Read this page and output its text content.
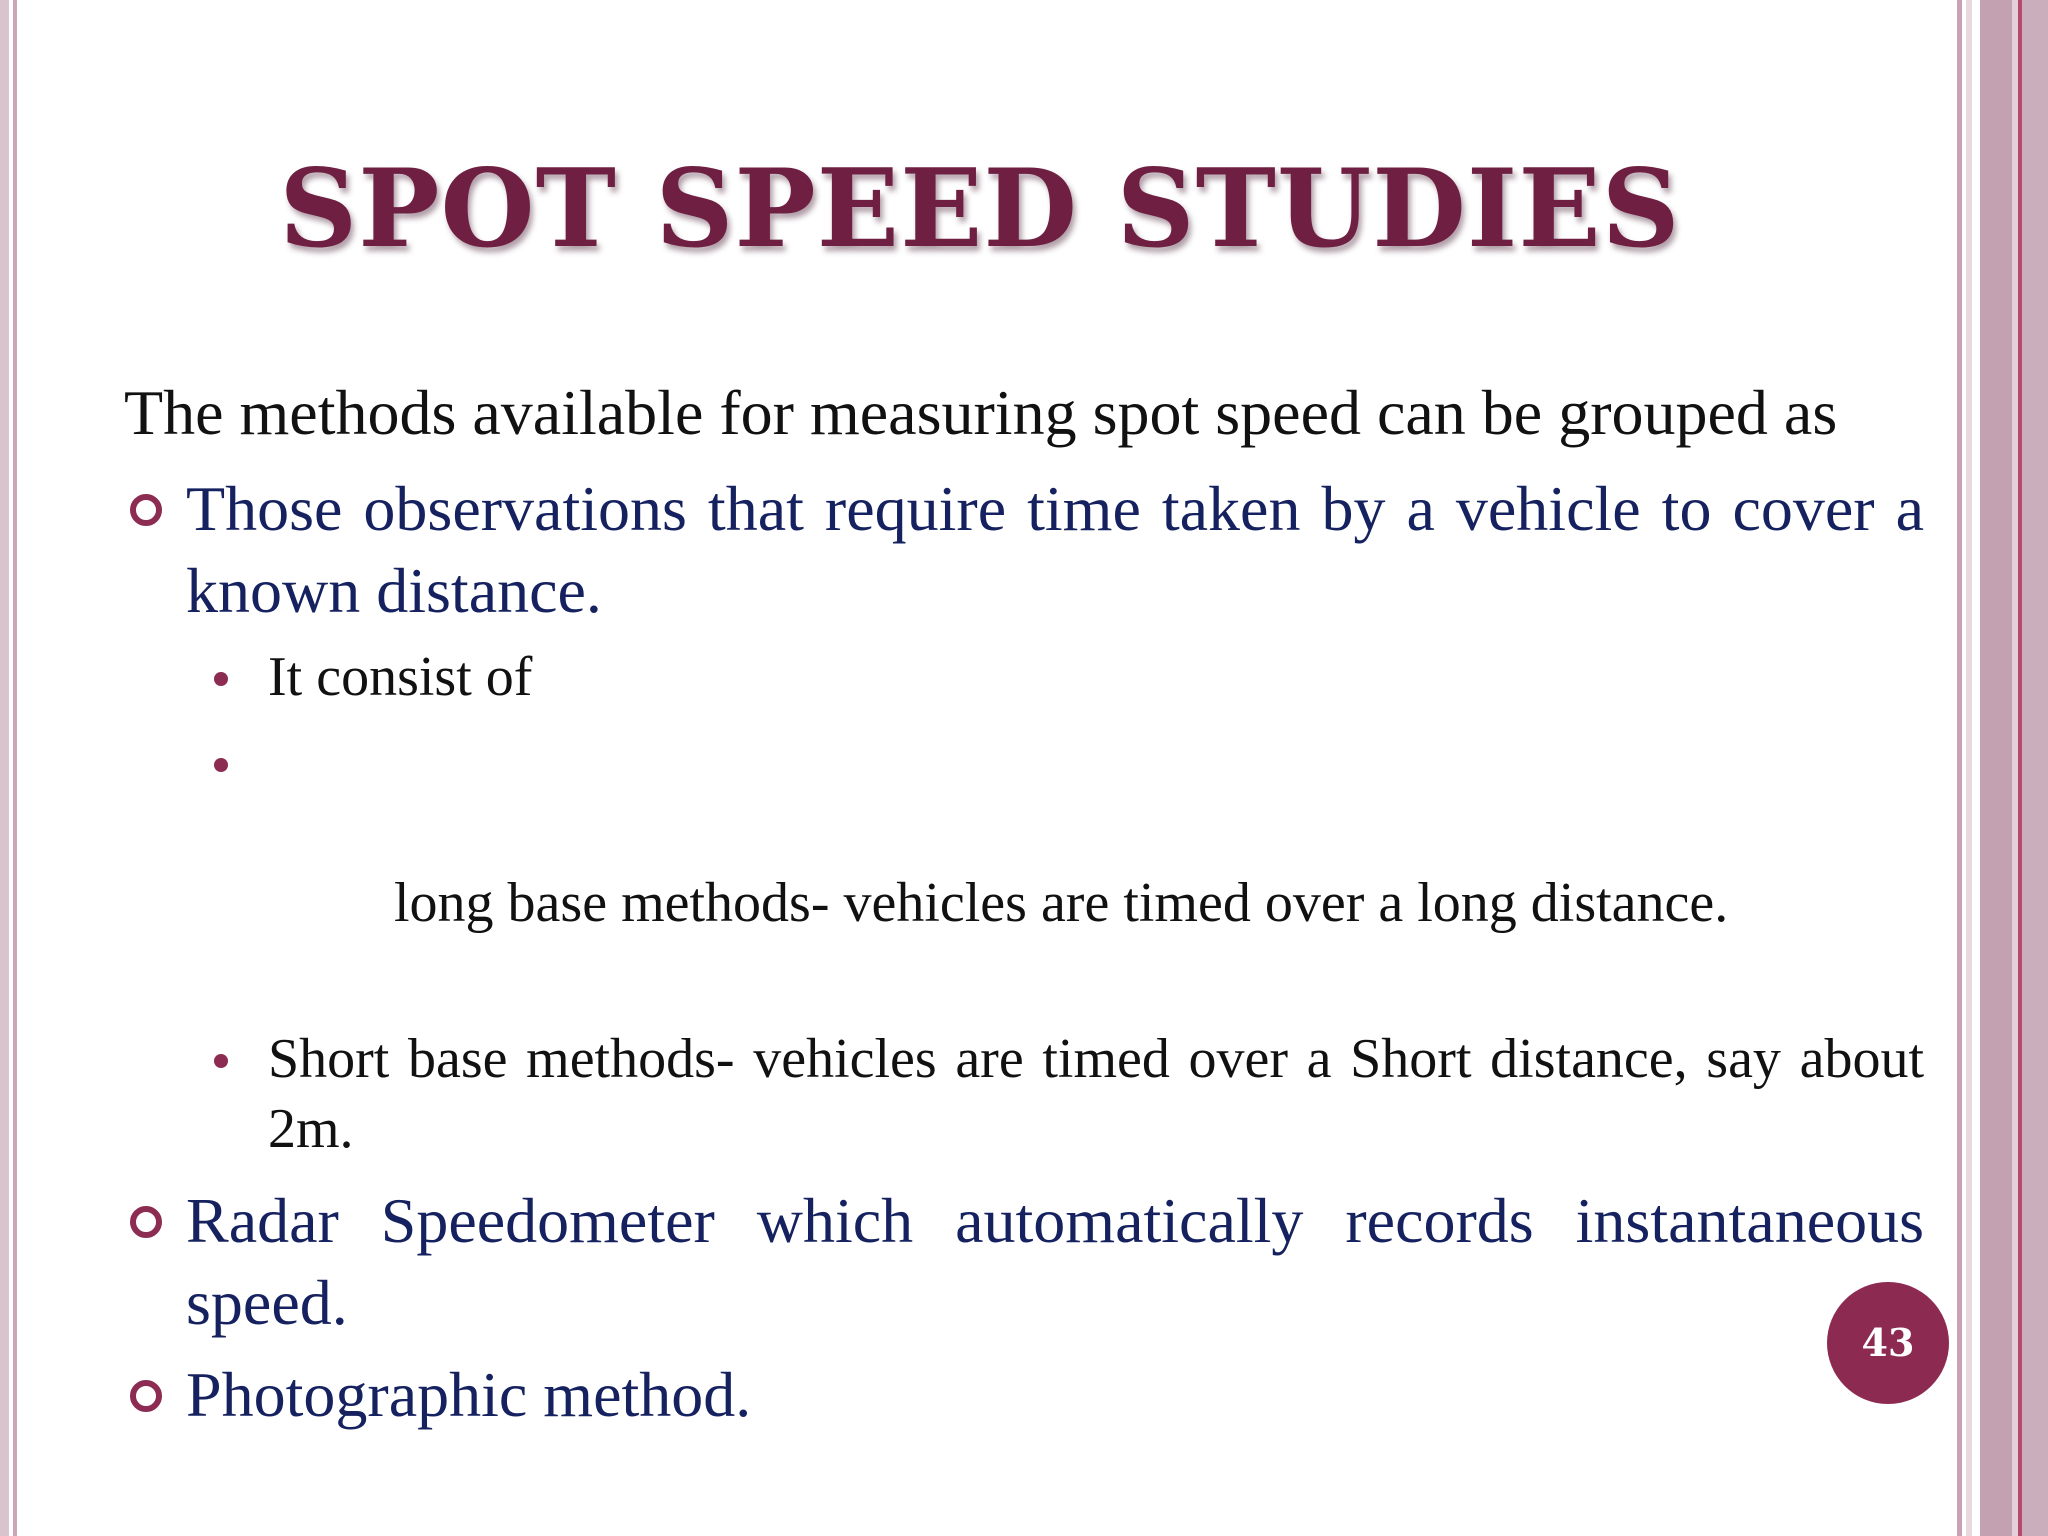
SPOT SPEED STUDIES

The methods available for measuring spot speed can be grouped as

Those observations that require time taken by a vehicle to cover a known distance.
It consist of

long base methods- vehicles are timed over a long distance.

Short base methods- vehicles are timed over a Short distance, say about 2m.
Radar Speedometer which automatically records instantaneous speed.
Photographic method.
43
